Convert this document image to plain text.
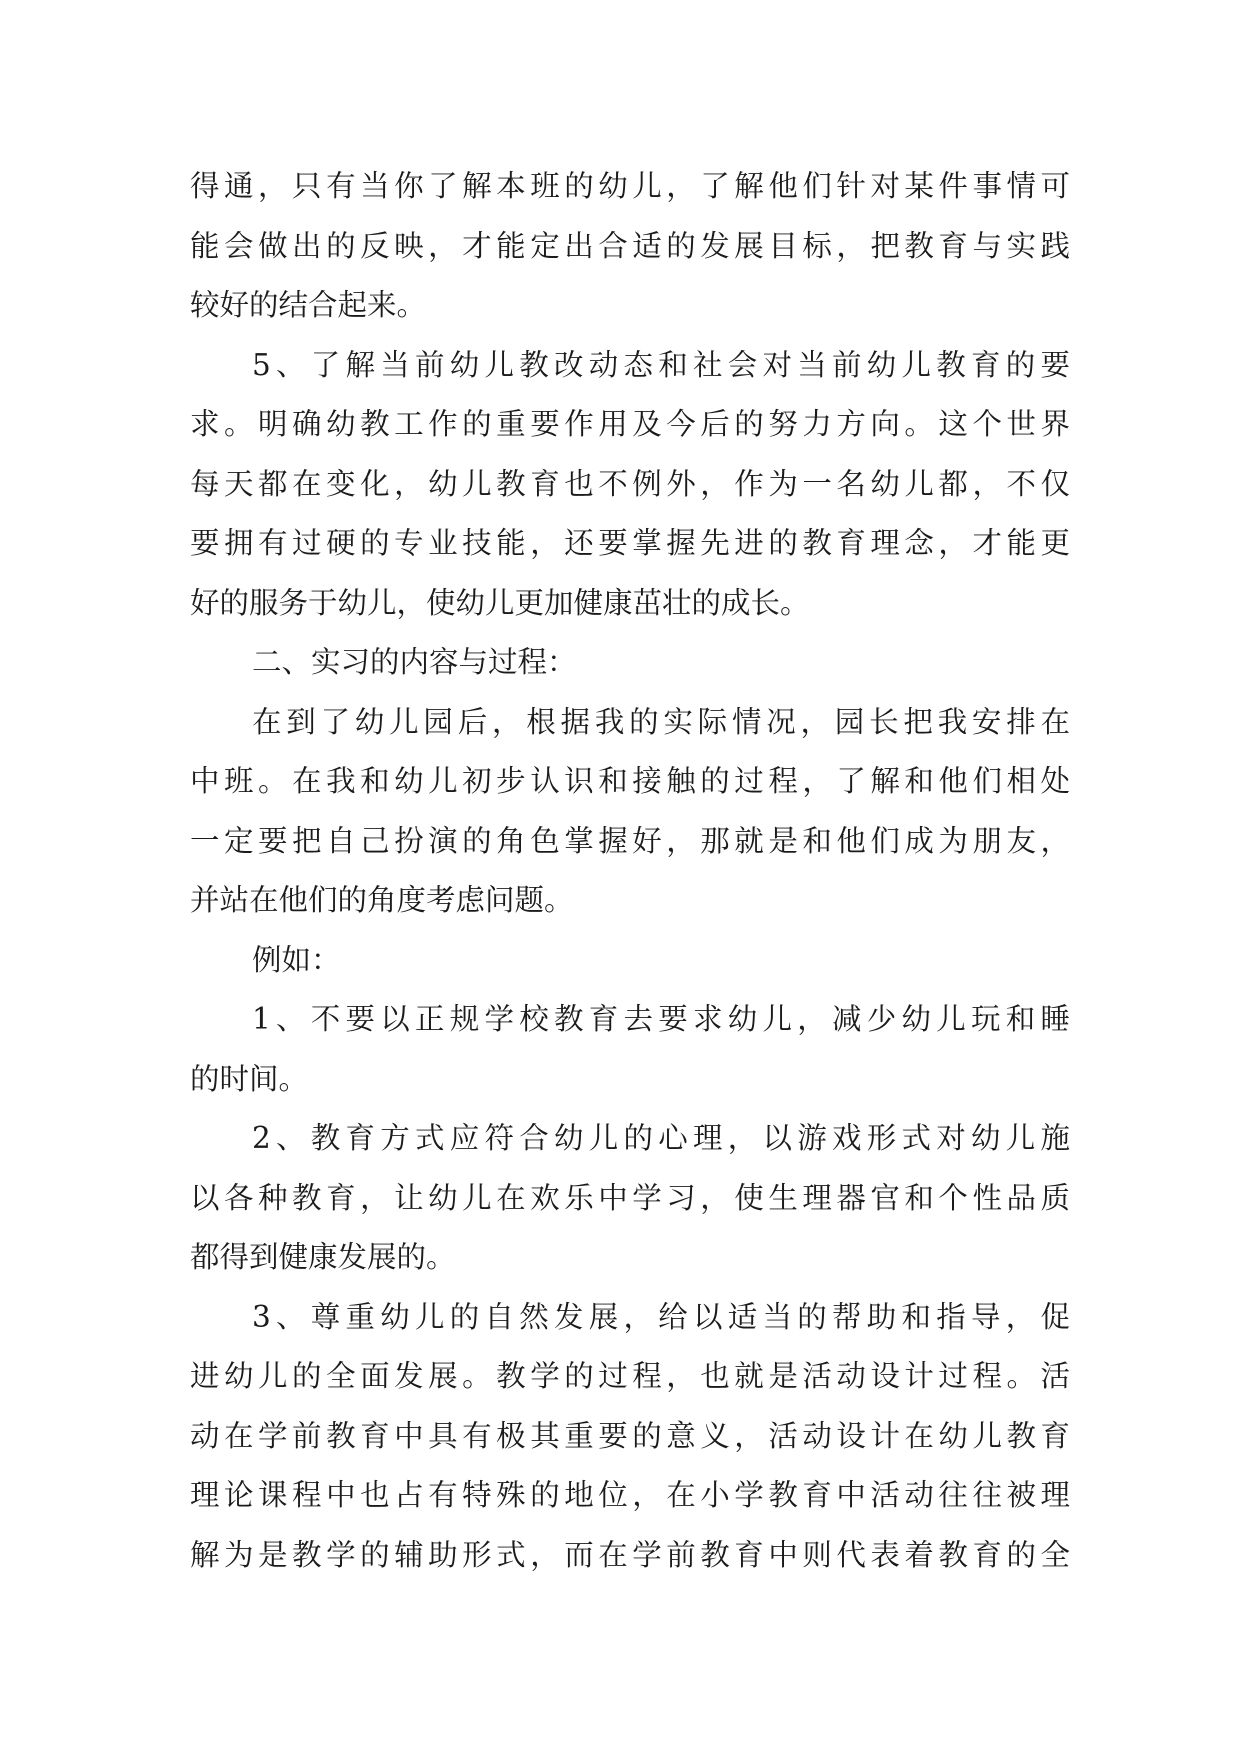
得通，只有当你了解本班的幼儿，了解他们针对某件事情可
能会做出的反映，才能定出合适的发展目标，把教育与实践
较好的结合起来。
5、了解当前幼儿教改动态和社会对当前幼儿教育的要
求。明确幼教工作的重要作用及今后的努力方向。这个世界
每天都在变化，幼儿教育也不例外，作为一名幼儿都，不仅
要拥有过硬的专业技能，还要掌握先进的教育理念，才能更
好的服务于幼儿，使幼儿更加健康茁壮的成长。
二、实习的内容与过程：
在到了幼儿园后，根据我的实际情况，园长把我安排在
中班。在我和幼儿初步认识和接触的过程，了解和他们相处
一定要把自己扮演的角色掌握好，那就是和他们成为朋友，
并站在他们的角度考虑问题。
例如：
1、不要以正规学校教育去要求幼儿，减少幼儿玩和睡
的时间。
2、教育方式应符合幼儿的心理，以游戏形式对幼儿施
以各种教育，让幼儿在欢乐中学习，使生理器官和个性品质
都得到健康发展的。
3、尊重幼儿的自然发展，给以适当的帮助和指导，促
进幼儿的全面发展。教学的过程，也就是活动设计过程。活
动在学前教育中具有极其重要的意义，活动设计在幼儿教育
理论课程中也占有特殊的地位，在小学教育中活动往往被理
解为是教学的辅助形式，而在学前教育中则代表着教育的全
